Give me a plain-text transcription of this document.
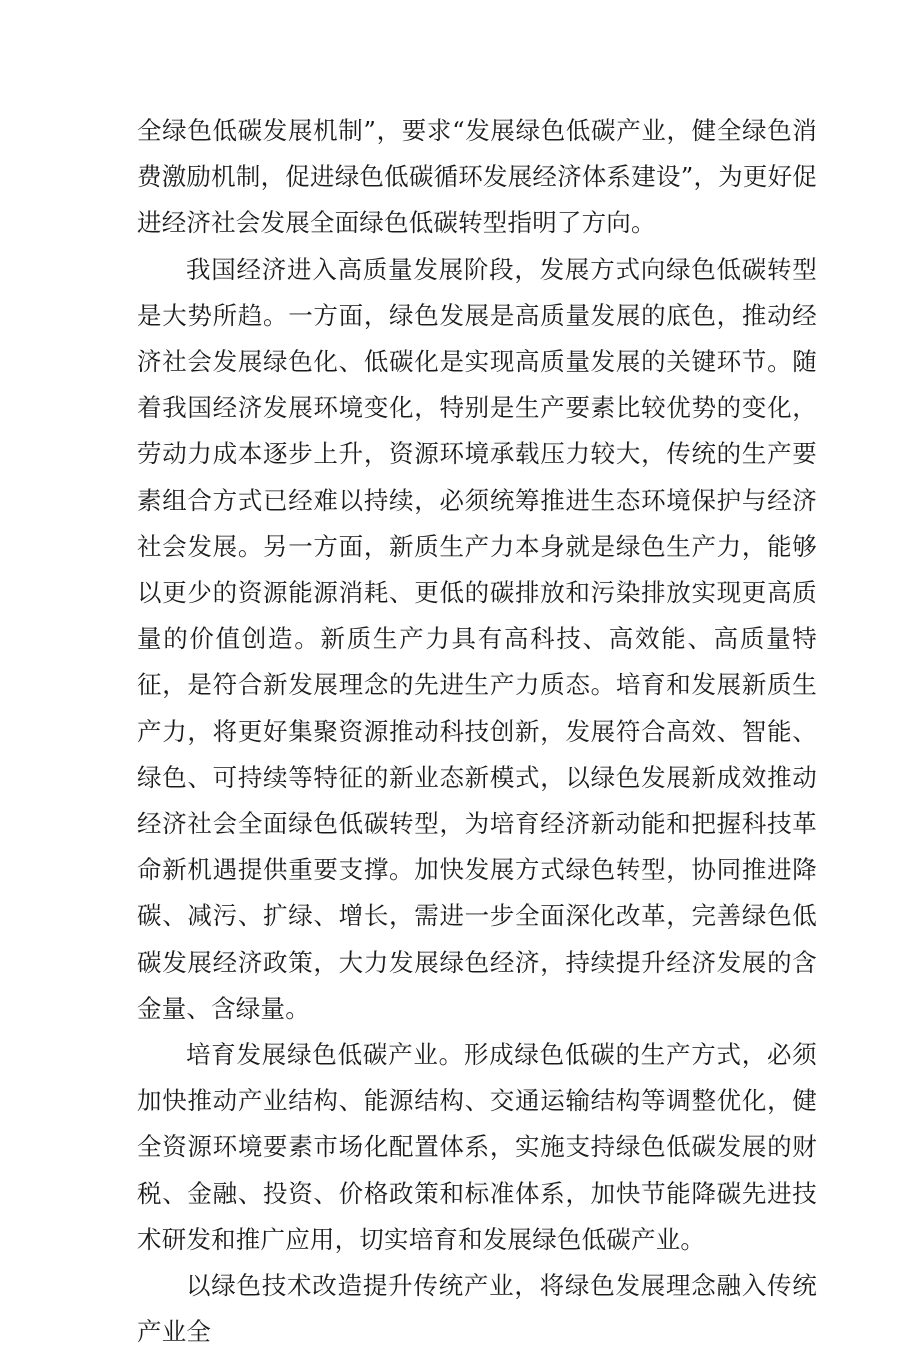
全绿色低碳发展机制”，要求“发展绿色低碳产业，健全绿色消费激励机制，促进绿色低碳循环发展经济体系建设”，为更好促进经济社会发展全面绿色低碳转型指明了方向。

我国经济进入高质量发展阶段，发展方式向绿色低碳转型是大势所趋。一方面，绿色发展是高质量发展的底色，推动经济社会发展绿色化、低碳化是实现高质量发展的关键环节。随着我国经济发展环境变化，特别是生产要素比较优势的变化，劳动力成本逐步上升，资源环境承载压力较大，传统的生产要素组合方式已经难以持续，必须统筹推进生态环境保护与经济社会发展。另一方面，新质生产力本身就是绿色生产力，能够以更少的资源能源消耗、更低的碳排放和污染排放实现更高质量的价值创造。新质生产力具有高科技、高效能、高质量特征，是符合新发展理念的先进生产力质态。培育和发展新质生产力，将更好集聚资源推动科技创新，发展符合高效、智能、绿色、可持续等特征的新业态新模式，以绿色发展新成效推动经济社会全面绿色低碳转型，为培育经济新动能和把握科技革命新机遇提供重要支撑。加快发展方式绿色转型，协同推进降碳、减污、扩绿、增长，需进一步全面深化改革，完善绿色低碳发展经济政策，大力发展绿色经济，持续提升经济发展的含金量、含绿量。

培育发展绿色低碳产业。形成绿色低碳的生产方式，必须加快推动产业结构、能源结构、交通运输结构等调整优化，健全资源环境要素市场化配置体系，实施支持绿色低碳发展的财税、金融、投资、价格政策和标准体系，加快节能降碳先进技术研发和推广应用，切实培育和发展绿色低碳产业。

以绿色技术改造提升传统产业，将绿色发展理念融入传统产业全
